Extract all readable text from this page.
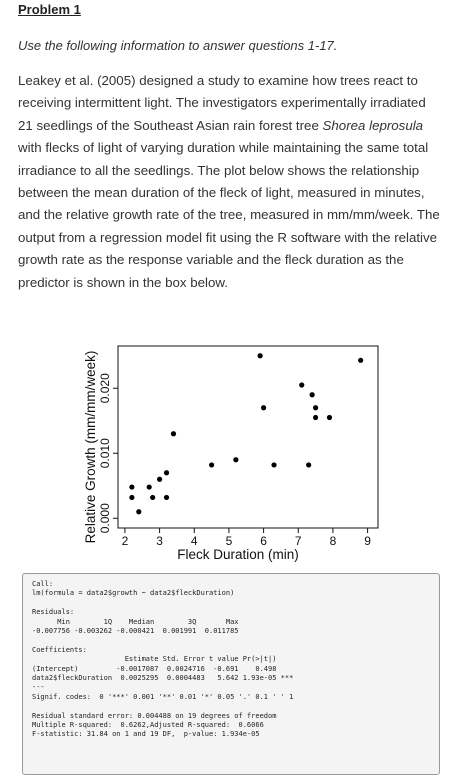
Problem 1
Use the following information to answer questions 1-17.
Leakey et al. (2005) designed a study to examine how trees react to receiving intermittent light. The investigators experimentally irradiated 21 seedlings of the Southeast Asian rain forest tree Shorea leprosula with flecks of light of varying duration while maintaining the same total irradiance to all the seedlings. The plot below shows the relationship between the mean duration of the fleck of light, measured in minutes, and the relative growth rate of the tree, measured in mm/mm/week. The output from a regression model fit using the R software with the relative growth rate as the response variable and the fleck duration as the predictor is shown in the box below.
2 3 4 5 6 7 8 9
0.000
0.010
0.020
Fleck Duration (min)
Relative Growth (mm/mm/week)
Call:
lm(formula = data2$growth ~ data2$fleckDuration)
Residuals:
Min        1Q    Median        3Q       Max
-0.007756 -0.003262 -0.000421  0.001991  0.011785
Coefficients:
Estimate Std. Error t value Pr(>|t|)
(Intercept)         -0.0017087  0.0024716  -0.691    0.498
data2$fleckDuration  0.0025295  0.0004483   5.642 1.93e-05 ***
---
Signif. codes:  0 '***' 0.001 '**' 0.01 '*' 0.05 '.' 0.1 ' ' 1
Residual standard error: 0.004488 on 19 degrees of freedom
Multiple R-squared:  0.6262,Adjusted R-squared:  0.6066
F-statistic: 31.84 on 1 and 19 DF,  p-value: 1.934e-05
